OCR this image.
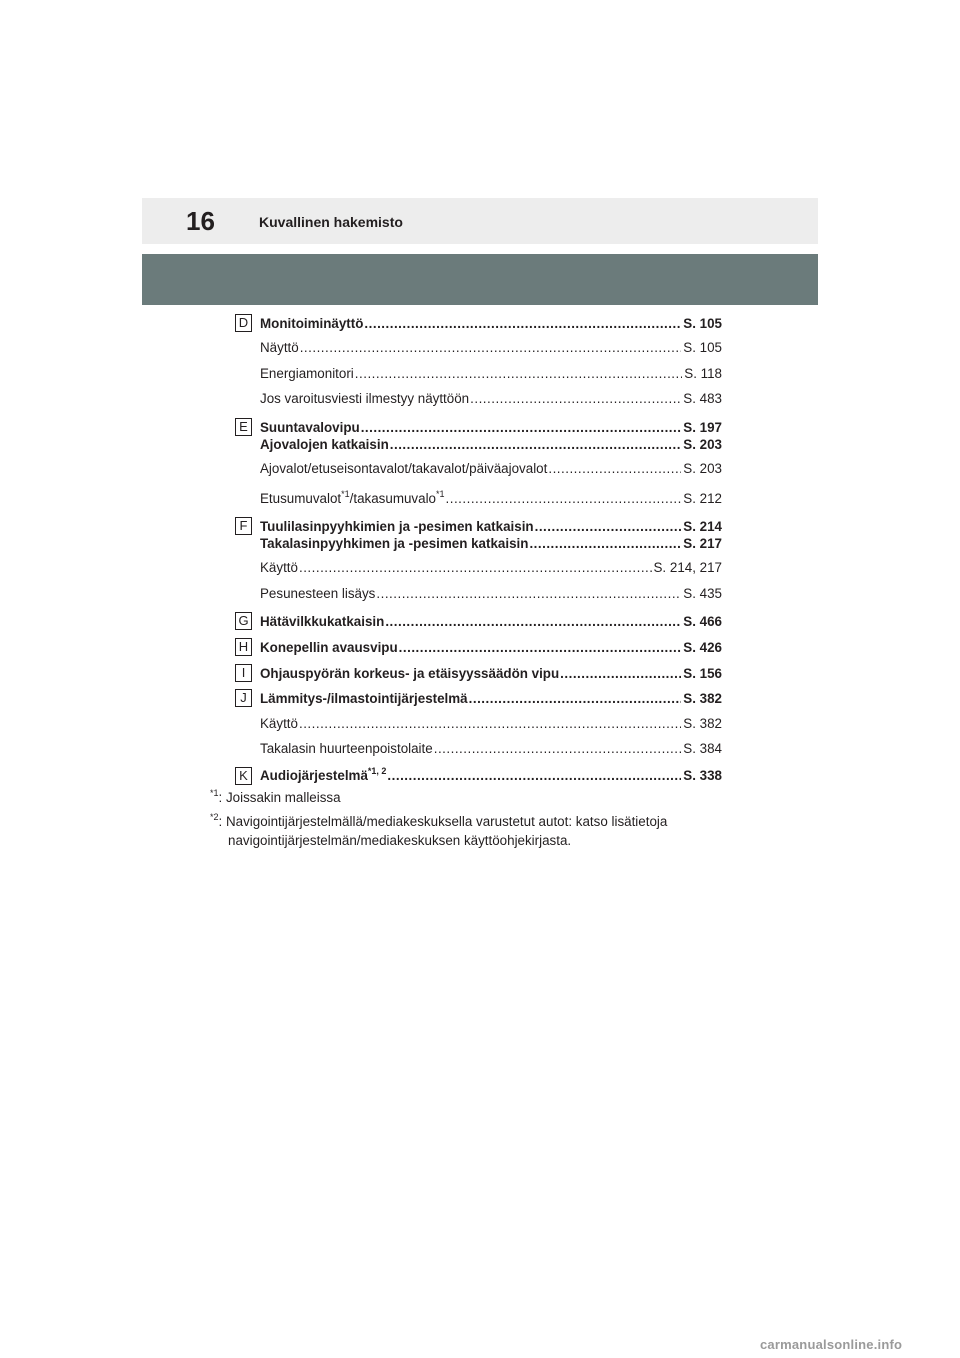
16	Kuvallinen hakemisto
D Monitoiminäyttö .....	S. 105
Näyttö .....	S. 105
Energiamonitori .....	S. 118
Jos varoitusviesti ilmestyy näyttöön .....	S. 483
E Suuntavalovipu .....	S. 197
Ajovalojen katkaisin .....	S. 203
Ajovalot/etuseisontavalot/takavalot/päiväajovalot .....	S. 203
Etusumuvalot$^{*1}$/takasumuvalo$^{*1}$ .....	S. 212
F Tuulilasinpyyhkimien ja -pesimen katkaisin .....	S. 214
Takalasinpyyhkimen ja -pesimen katkaisin .....	S. 217
Käyttö .....	S. 214, 217
Pesunesteen lisäys .....	S. 435
G Hätävilkkukatkaisin .....	S. 466
H Konepellin avausvipu .....	S. 426
I	Ohjauspyörän korkeus- ja etäisyyssäädön vipu .....	S. 156
J Lämmitys-/ilmastointijärjestelmä .....	S. 382
Käyttö .....	S. 382
Takalasin huurteenpoistolaite .....	S. 384
K Audiojärjestelmä$^{*1, 2}$ .....	S. 338
$^{*1}$: Joissakin malleissa
$^{*2}$: Navigointijärjestelmällä/mediakeskuksella varustetut autot: katso lisätietoja
navigointijärjestelmän/mediakeskuksen käyttöohjekirjasta.
carmanualsonline.info
